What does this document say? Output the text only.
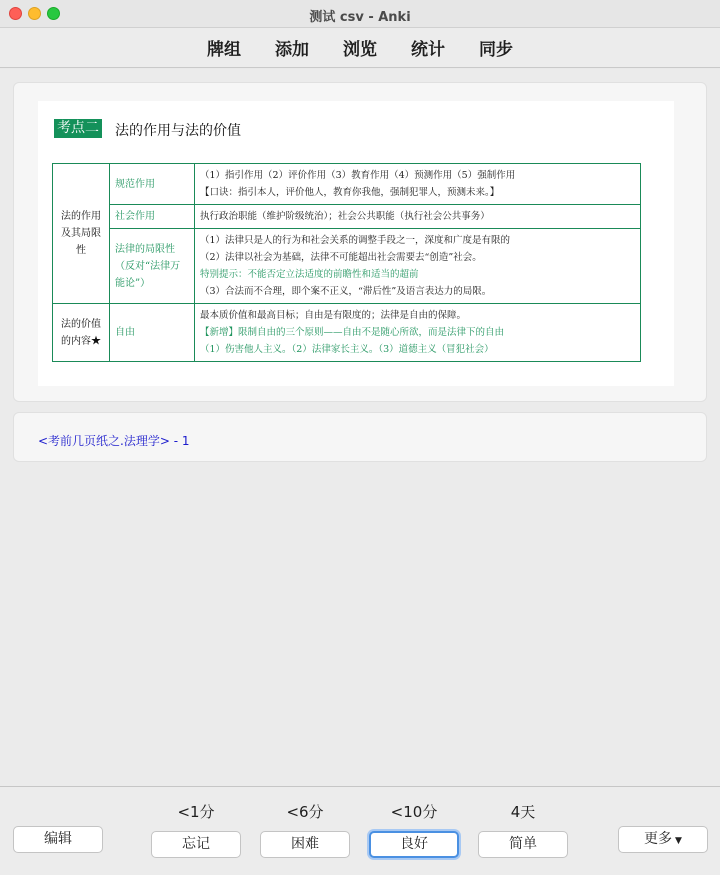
测试 csv - Anki
牌组 添加 浏览 统计 同步
考点二 法的作用与法的价值
法的作用及其局限性	规范作用	（1）指引作用（2）评价作用（3）教育作用（4）预测作用（5）强制作用
【口诀：指引本人，评价他人，教育你我他，强制犯罪人，预测未来。】

	社会作用	执行政治职能（维护阶级统治）；社会公共职能（执行社会公共事务）
	法律的局限性（反对“法律万能论”）	（1）法律只是人的行为和社会关系的调整手段之一，深度和广度是有限的
（2）法律以社会为基础，法律不可能超出社会需要去“创造”社会。
特别提示：不能否定立法适度的前瞻性和适当的超前
（3）合法而不合理，即个案不正义，“滞后性”及语言表达力的局限。

法的价值的内容★	自由	最本质价值和最高目标；自由是有限度的；法律是自由的保障。
【新增】限制自由的三个原则——自由不是随心所欲，而是法律下的自由
（1）伤害他人主义。（2）法律家长主义。（3）道德主义（冒犯社会）
<考前几页纸之.法理学> - 1
编辑
<1分	<6分	<10分	4天
忘记	困难	良好	简单	更多 ▼
